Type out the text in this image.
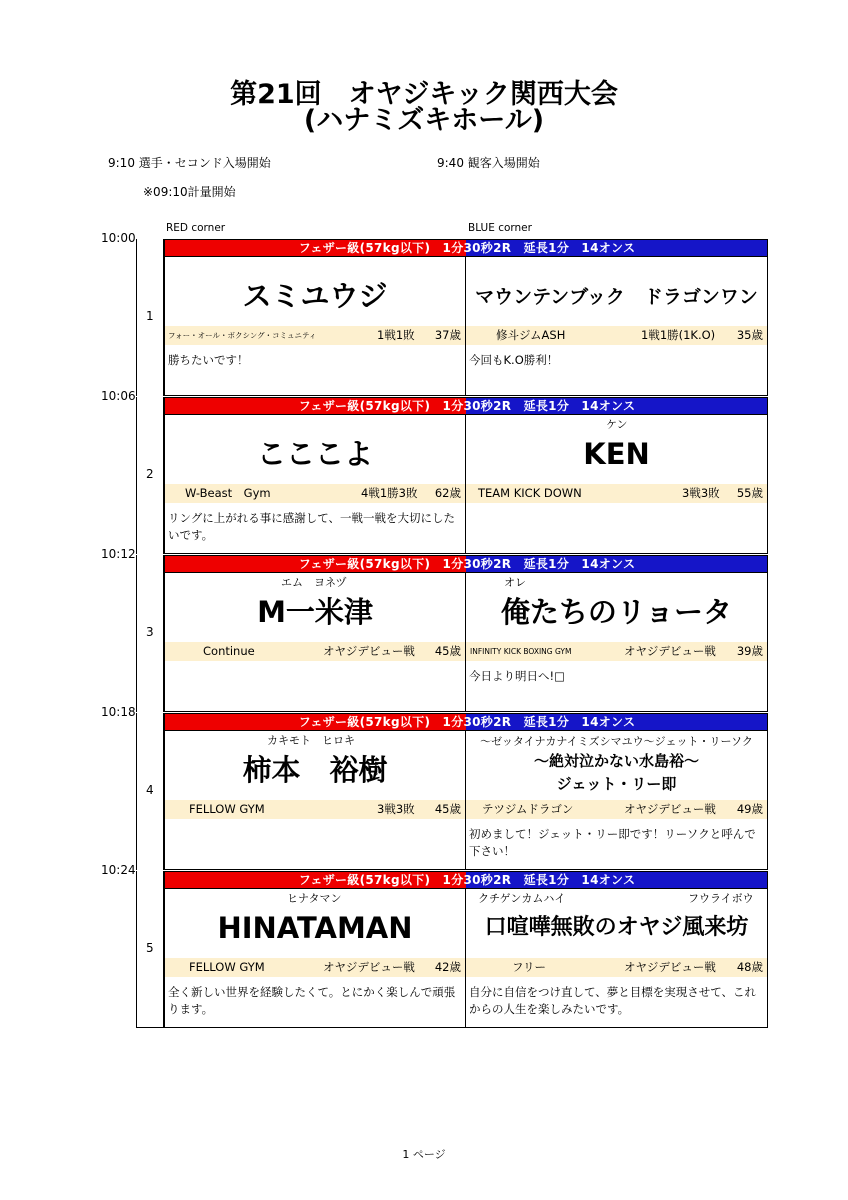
第21回　オヤジキック関西大会
(ハナミズキホール)
9:10 選手・セコンド入場開始	9:40 観客入場開始
※09:10計量開始
RED corner	BLUE corner
10:00
1
フェザー級(57kg以下)　1分30秒2R　延長1分　14オンス
スミユウジ
フォー・オール・ボクシング・コミュニティ	1戦1敗 37歳
勝ちたいです！
マウンテンブック　ドラゴンワン
修斗ジムASH	1戦1勝(1K.O) 35歳
今回もK.O勝利！
10:06
2
フェザー級(57kg以下)　1分30秒2R　延長1分　14オンス
こここよ
W-Beast　Gym	4戦1勝3敗 62歳
リングに上がれる事に感謝して、一戦一戦を大切にしたいです。
ケン
KEN
TEAM KICK DOWN	3戦3敗 55歳
10:12
3
フェザー級(57kg以下)　1分30秒2R　延長1分　14オンス
エム　ヨネヅ
M一米津
Continue	オヤジデビュー戦 45歳
オレ
俺たちのリョータ
INFINITY KICK BOXING GYM	オヤジデビュー戦 39歳
今日より明日へ!□
10:18
4
フェザー級(57kg以下)　1分30秒2R　延長1分　14オンス
カキモト　ヒロキ
柿本　裕樹
FELLOW GYM	3戦3敗 45歳
～ゼッタイナカナイミズシマユウ～ジェット・リーソク
～絶対泣かない水島裕～
ジェット・リー即
テツジムドラゴン	オヤジデビュー戦 49歳
初めまして！ジェット・リー即です！リーソクと呼んで下さい！
10:24
5
フェザー級(57kg以下)　1分30秒2R　延長1分　14オンス
ヒナタマン
HINATAMAN
FELLOW GYM	オヤジデビュー戦 42歳
全く新しい世界を経験したくて。とにかく楽しんで頑張ります。
クチゲンカムハイ	フウライボウ
口喧嘩無敗のオヤジ風来坊
フリー	オヤジデビュー戦 48歳
自分に自信をつけ直して、夢と目標を実現させて、これからの人生を楽しみたいです。
1 ページ
